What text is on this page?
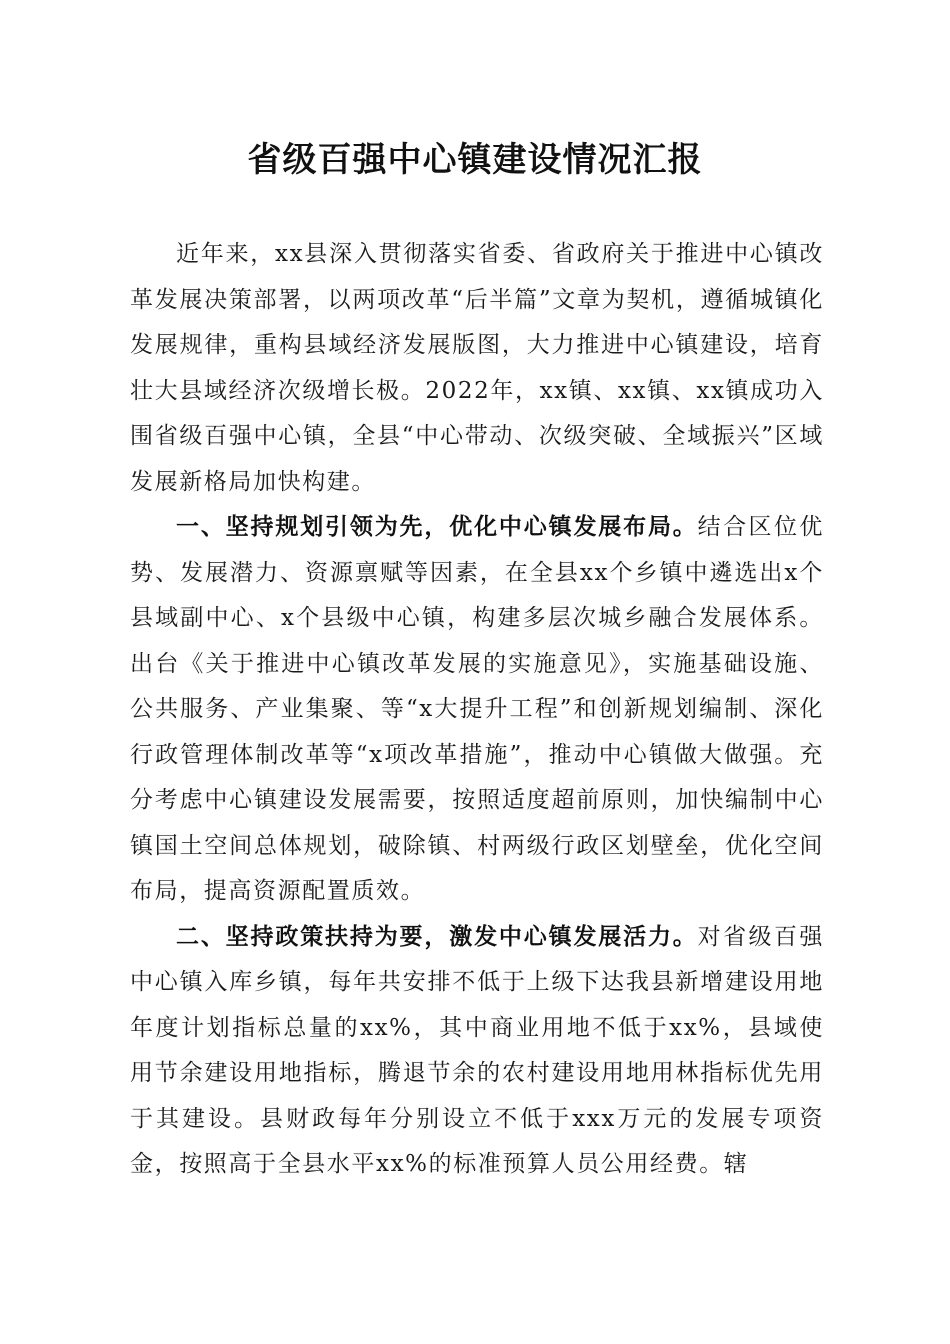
省级百强中心镇建设情况汇报

近年来，xx县深入贯彻落实省委、省政府关于推进中心镇改革发展决策部署，以两项改革“后半篇”文章为契机，遵循城镇化发展规律，重构县域经济发展版图，大力推进中心镇建设，培育壮大县域经济次级增长极。2022年，xx镇、xx镇、xx镇成功入围省级百强中心镇，全县“中心带动、次级突破、全域振兴”区域发展新格局加快构建。

一、坚持规划引领为先，优化中心镇发展布局。结合区位优势、发展潜力、资源禀赋等因素，在全县xx个乡镇中遴选出x个县域副中心、x个县级中心镇，构建多层次城乡融合发展体系。出台《关于推进中心镇改革发展的实施意见》，实施基础设施、公共服务、产业集聚、等“x大提升工程”和创新规划编制、深化行政管理体制改革等“x项改革措施”，推动中心镇做大做强。充分考虑中心镇建设发展需要，按照适度超前原则，加快编制中心镇国土空间总体规划，破除镇、村两级行政区划壁垒，优化空间布局，提高资源配置质效。

二、坚持政策扶持为要，激发中心镇发展活力。对省级百强中心镇入库乡镇，每年共安排不低于上级下达我县新增建设用地年度计划指标总量的xx%，其中商业用地不低于xx%，县域使用节余建设用地指标，腾退节余的农村建设用地用林指标优先用于其建设。县财政每年分别设立不低于xxx万元的发展专项资金，按照高于全县水平xx%的标准预算人员公用经费。辖
